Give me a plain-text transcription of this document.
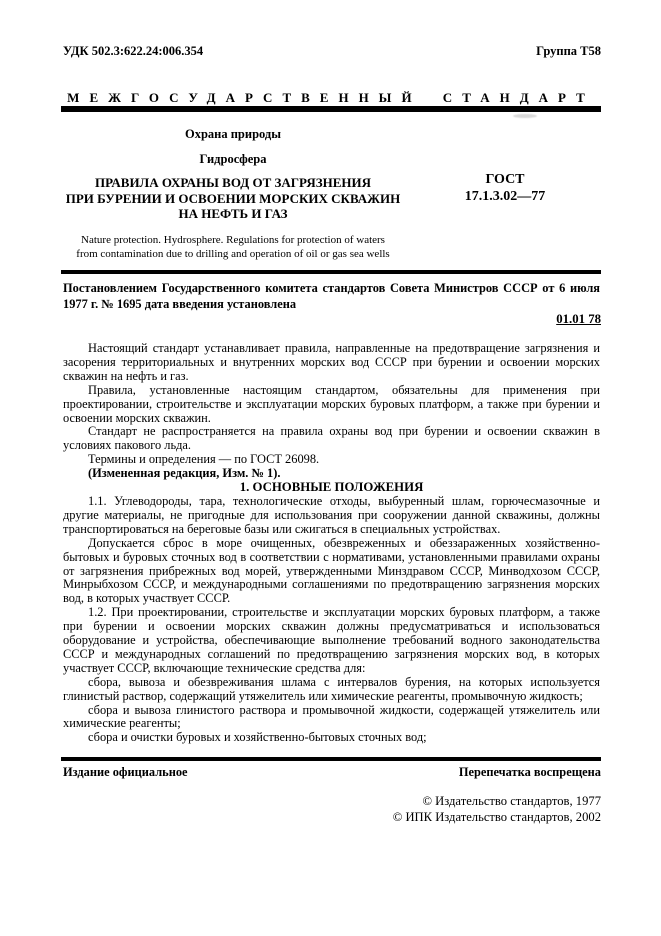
УДК 502.3:622.24:006.354	Группа Т58
МЕЖГОСУДАРСТВЕННЫЙ СТАНДАРТ
Охрана природы
Гидросфера
ПРАВИЛА ОХРАНЫ ВОД ОТ ЗАГРЯЗНЕНИЯ
ПРИ БУРЕНИИ И ОСВОЕНИИ МОРСКИХ СКВАЖИН
НА НЕФТЬ И ГАЗ
ГОСТ
17.1.3.02—77
Nature protection. Hydrosphere. Regulations for protection of waters
from contamination due to drilling and operation of oil or gas sea wells
Постановлением Государственного комитета стандартов Совета Министров СССР от 6 июля 1977 г. № 1695 дата введения установлена
01.01 78

Настоящий стандарт устанавливает правила, направленные на предотвращение загрязнения и засорения территориальных и внутренних морских вод СССР при бурении и освоении морских скважин на нефть и газ.

Правила, установленные настоящим стандартом, обязательны для применения при проектировании, строительстве и эксплуатации морских буровых платформ, а также при бурении и освоении морских скважин.

Стандарт не распространяется на правила охраны вод при бурении и освоении скважин в условиях пакового льда.

Термины и определения — по ГОСТ 26098.

(Измененная редакция, Изм. № 1).

1. ОСНОВНЫЕ ПОЛОЖЕНИЯ

1.1. Углеводороды, тара, технологические отходы, выбуренный шлам, горючесмазочные и другие материалы, не пригодные для использования при сооружении данной скважины, должны транспортироваться на береговые базы или сжигаться в специальных устройствах.

Допускается сброс в море очищенных, обезвреженных и обеззараженных хозяйственно-бытовых и буровых сточных вод в соответствии с нормативами, установленными правилами охраны от загрязнения прибрежных вод морей, утвержденными Минздравом СССР, Минводхозом СССР, Минрыбхозом СССР, и международными соглашениями по предотвращению загрязнения морских вод, в которых участвует СССР.

1.2. При проектировании, строительстве и эксплуатации морских буровых платформ, а также при бурении и освоении морских скважин должны предусматриваться и использоваться оборудование и устройства, обеспечивающие выполнение требований водного законодательства СССР и международных соглашений по предотвращению загрязнения морских вод, в которых участвует СССР, включающие технические средства для:

сбора, вывоза и обезвреживания шлама с интервалов бурения, на которых используется глинистый раствор, содержащий утяжелитель или химические реагенты, промывочную жидкость;

сбора и вывоза глинистого раствора и промывочной жидкости, содержащей утяжелитель или химические реагенты;

сбора и очистки буровых и хозяйственно-бытовых сточных вод;

Издание официальное	Перепечатка воспрещена
© Издательство стандартов, 1977
© ИПК Издательство стандартов, 2002
